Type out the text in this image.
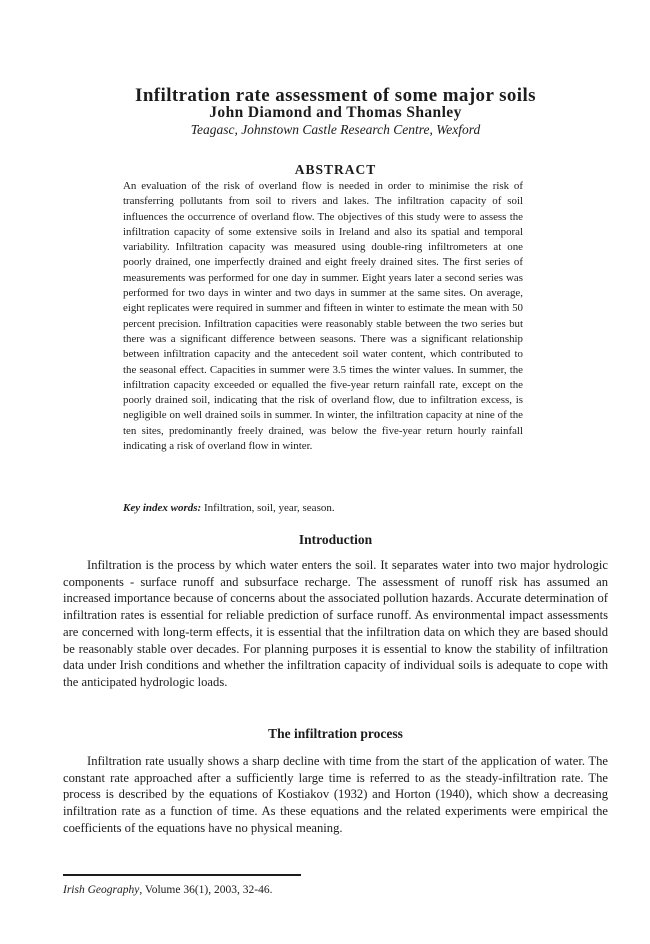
Infiltration rate assessment of some major soils
John Diamond and Thomas Shanley
Teagasc, Johnstown Castle Research Centre, Wexford
ABSTRACT
An evaluation of the risk of overland flow is needed in order to minimise the risk of transferring pollutants from soil to rivers and lakes. The infiltration capacity of soil influences the occurrence of overland flow. The objectives of this study were to assess the infiltration capacity of some extensive soils in Ireland and also its spatial and temporal variability. Infiltration capacity was measured using double-ring infiltrometers at one poorly drained, one imperfectly drained and eight freely drained sites. The first series of measurements was performed for one day in summer. Eight years later a second series was performed for two days in winter and two days in summer at the same sites. On average, eight replicates were required in summer and fifteen in winter to estimate the mean with 50 percent precision. Infiltration capacities were reasonably stable between the two series but there was a significant difference between seasons. There was a significant relationship between infiltration capacity and the antecedent soil water content, which contributed to the seasonal effect. Capacities in summer were 3.5 times the winter values. In summer, the infiltration capacity exceeded or equalled the five-year return rainfall rate, except on the poorly drained soil, indicating that the risk of overland flow, due to infiltration excess, is negligible on well drained soils in summer. In winter, the infiltration capacity at nine of the ten sites, predominantly freely drained, was below the five-year return hourly rainfall indicating a risk of overland flow in winter.
Key index words: Infiltration, soil, year, season.
Introduction
Infiltration is the process by which water enters the soil. It separates water into two major hydrologic components - surface runoff and subsurface recharge. The assessment of runoff risk has assumed an increased importance because of concerns about the associated pollution hazards. Accurate determination of infiltration rates is essential for reliable prediction of surface runoff. As environmental impact assessments are concerned with long-term effects, it is essential that the infiltration data on which they are based should be reasonably stable over decades. For planning purposes it is essential to know the stability of infiltration data under Irish conditions and whether the infiltration capacity of individual soils is adequate to cope with the anticipated hydrologic loads.
The infiltration process
Infiltration rate usually shows a sharp decline with time from the start of the application of water. The constant rate approached after a sufficiently large time is referred to as the steady-infiltration rate. The process is described by the equations of Kostiakov (1932) and Horton (1940), which show a decreasing infiltration rate as a function of time. As these equations and the related experiments were empirical the coefficients of the equations have no physical meaning.
Irish Geography, Volume 36(1), 2003, 32-46.
